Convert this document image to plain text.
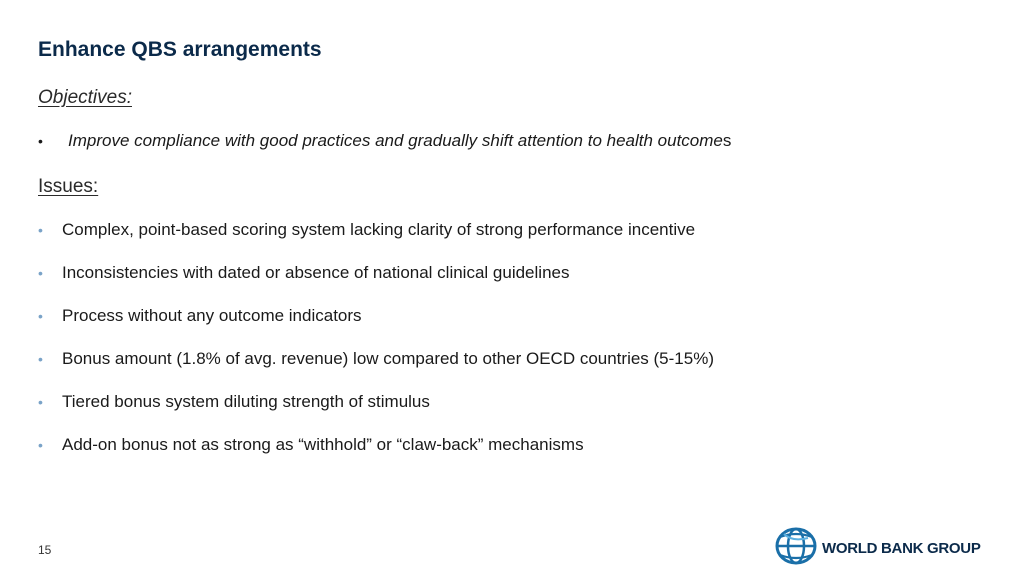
Enhance QBS arrangements
Objectives:
•	Improve compliance with good practices and gradually shift attention to health outcomes
Issues:
•	Complex, point-based scoring system lacking clarity of strong performance incentive
•	Inconsistencies with dated or absence of national clinical guidelines
•	Process without any outcome indicators
•	Bonus amount (1.8% of avg. revenue) low compared to other OECD countries (5-15%)
•	Tiered bonus system diluting strength of stimulus
•	Add-on bonus not as strong as “withhold” or “claw-back” mechanisms
15	WORLD BANK GROUP
